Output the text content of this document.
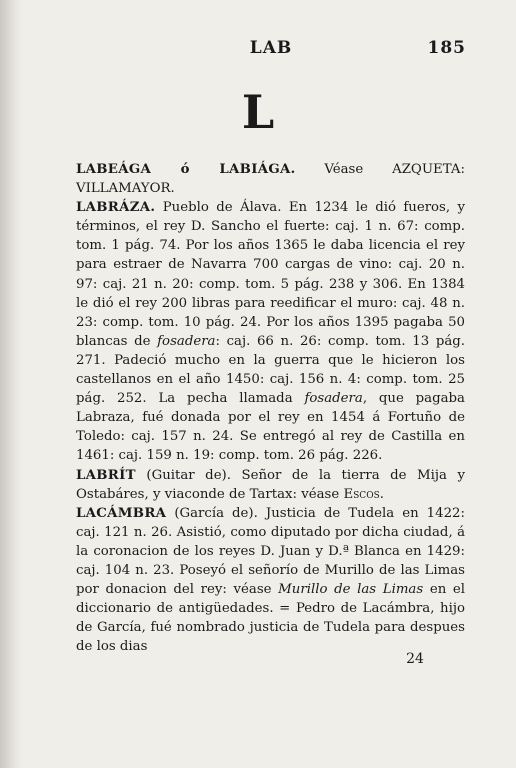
LAB	185
L

LABEÁGA ó LABIÁGA. Véase AZQUETA: VILLAMAYOR.

LABRÁZA. Pueblo de Álava. En 1234 le dió fueros, y términos, el rey D. Sancho el fuerte: caj. 1 n. 67: comp. tom. 1 pág. 74. Por los años 1365 le daba licencia el rey para estraer de Navarra 700 cargas de vino: caj. 20 n. 97: caj. 21 n. 20: comp. tom. 5 pág. 238 y 306. En 1384 le dió el rey 200 libras para reedificar el muro: caj. 48 n. 23: comp. tom. 10 pág. 24. Por los años 1395 pagaba 50 blancas de fosadera: caj. 66 n. 26: comp. tom. 13 pág. 271. Padeció mucho en la guerra que le hicieron los castellanos en el año 1450: caj. 156 n. 4: comp. tom. 25 pág. 252. La pecha llamada fosadera, que pagaba Labraza, fué donada por el rey en 1454 á Fortuño de Toledo: caj. 157 n. 24. Se entregó al rey de Castilla en 1461: caj. 159 n. 19: comp. tom. 26 pág. 226.

LABRÍT (Guitar de). Señor de la tierra de Mija y Ostabáres, y viaconde de Tartax: véase Escos.

LACÁMBRA (García de). Justicia de Tudela en 1422: caj. 121 n. 26. Asistió, como diputado por dicha ciudad, á la coronacion de los reyes D. Juan y D.ª Blanca en 1429: caj. 104 n. 23. Poseyó el señorío de Murillo de las Limas por donacion del rey: véase Murillo de las Limas en el diccionario de antigüedades. = Pedro de Lacámbra, hijo de García, fué nombrado justicia de Tudela para despues de los dias

24
